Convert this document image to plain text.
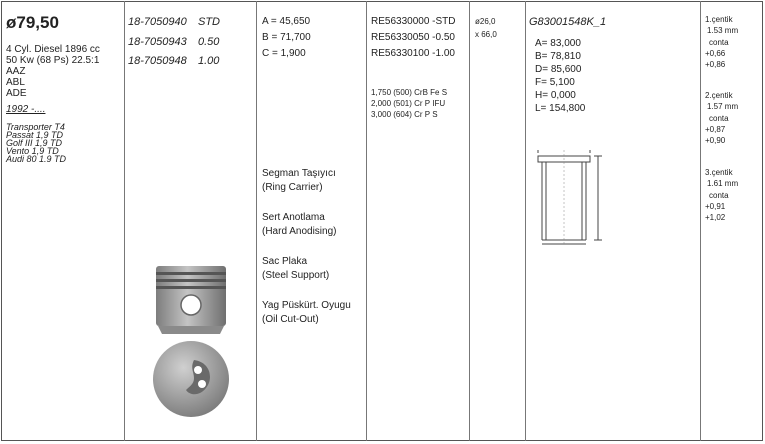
ø79,50
4 Cyl. Diesel 1896 cc
50 Kw (68 Ps) 22.5:1
AAZ
ABL
ADE
1992 -....
Transporter T4
Passat 1,9 TD
Golf III 1,9 TD
Vento 1,9 TD
Audi 80 1.9 TD
18-7050940 STD
18-7050943 0.50
18-7050948 1.00
A = 45,650
B = 71,700
C = 1,900
Segman Taşıyıcı
(Ring Carrier)
Sert Anotlama
(Hard Anodising)
Sac Plaka
(Steel Support)
Yag Püskürt. Oyugu
(Oil Cut-Out)
RE56330000 -STD
RE56330050 -0.50
RE56330100 -1.00
1,750 (500) CrB Fe S
2,000 (501) Cr P IFU
3,000 (604) Cr P S
ø26,0
x 66,0
G83001548K_1
A= 83,000
B= 78,810
D= 85,600
F= 5,100
H= 0,000
L= 154,800
1.çentik
1.53 mm
conta
+0,66
+0,86
2.çentik
1.57 mm
conta
+0,87
+0,90
3.çentik
1.61 mm
conta
+0,91
+1,02
